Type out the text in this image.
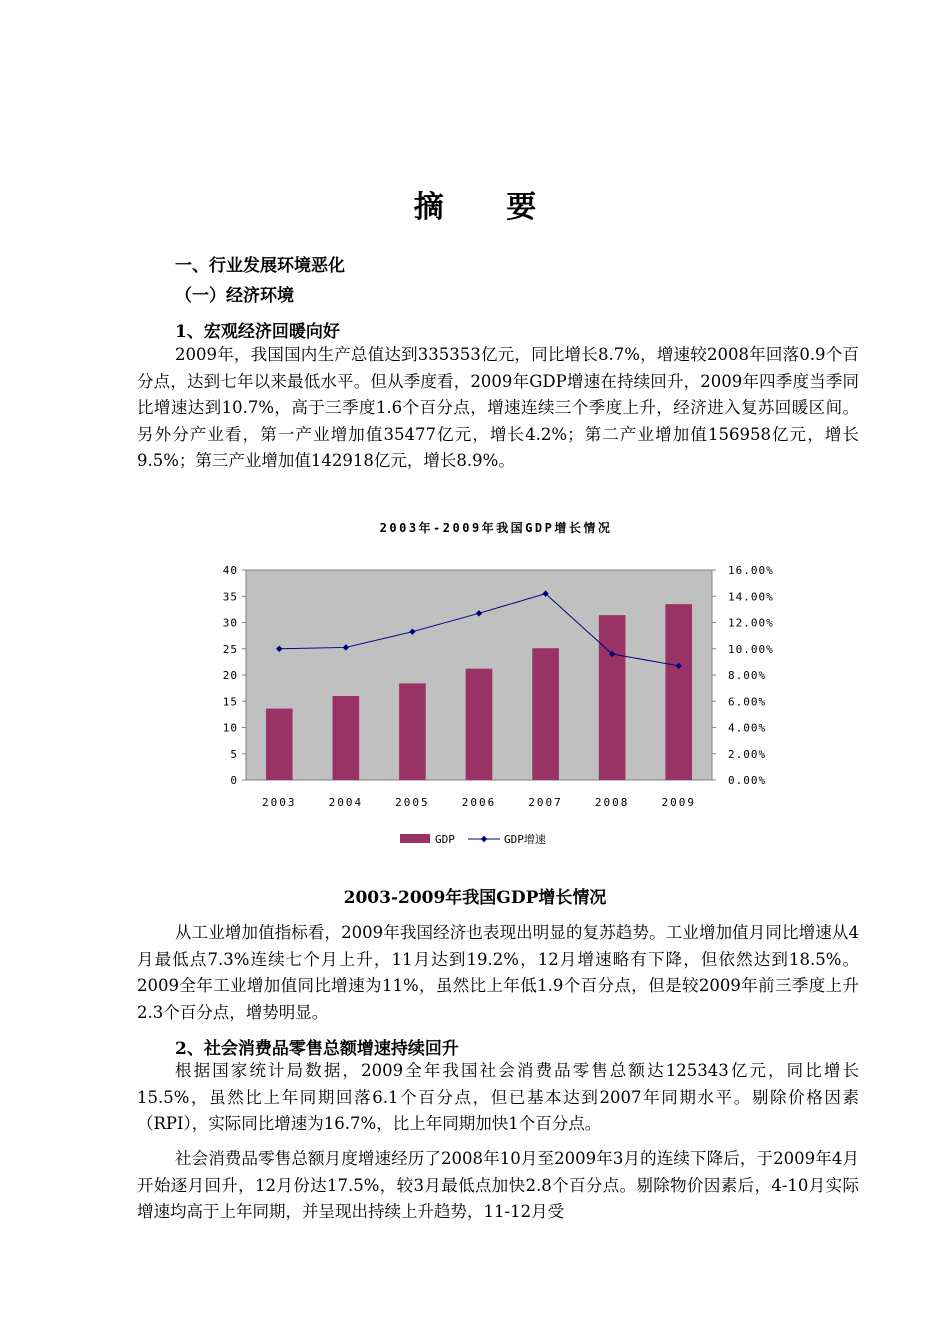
摘 要
一、行业发展环境恶化
（一）经济环境
1、宏观经济回暖向好

2009年，我国国内生产总值达到335353亿元，同比增长8.7%，增速较2008年回落0.9个百分点，达到七年以来最低水平。但从季度看，2009年GDP增速在持续回升，2009年四季度当季同比增速达到10.7%，高于三季度1.6个百分点，增速连续三个季度上升，经济进入复苏回暖区间。另外分产业看，第一产业增加值35477亿元，增长4.2%；第二产业增加值156958亿元，增长9.5%；第三产业增加值142918亿元，增长8.9%。

2003年-2009年我国GDP增长情况
0
5
10
15
20
25
30
35
40
0.00%
2.00%
4.00%
6.00%
8.00%
10.00%
12.00%
14.00%
16.00%
2003	2004	2005	2006	2007	2008	2009
GDP	GDP增速

2003-2009年我国GDP增长情况

从工业增加值指标看，2009年我国经济也表现出明显的复苏趋势。工业增加值月同比增速从4月最低点7.3%连续七个月上升，11月达到19.2%，12月增速略有下降，但依然达到18.5%。2009全年工业增加值同比增速为11%，虽然比上年低1.9个百分点，但是较2009年前三季度上升2.3个百分点，增势明显。

2、社会消费品零售总额增速持续回升

根据国家统计局数据，2009全年我国社会消费品零售总额达125343亿元，同比增长15.5%，虽然比上年同期回落6.1个百分点，但已基本达到2007年同期水平。剔除价格因素（RPI），实际同比增速为16.7%，比上年同期加快1个百分点。

社会消费品零售总额月度增速经历了2008年10月至2009年3月的连续下降后，于2009年4月开始逐月回升，12月份达17.5%，较3月最低点加快2.8个百分点。剔除物价因素后，4-10月实际增速均高于上年同期，并呈现出持续上升趋势，11-12月受
